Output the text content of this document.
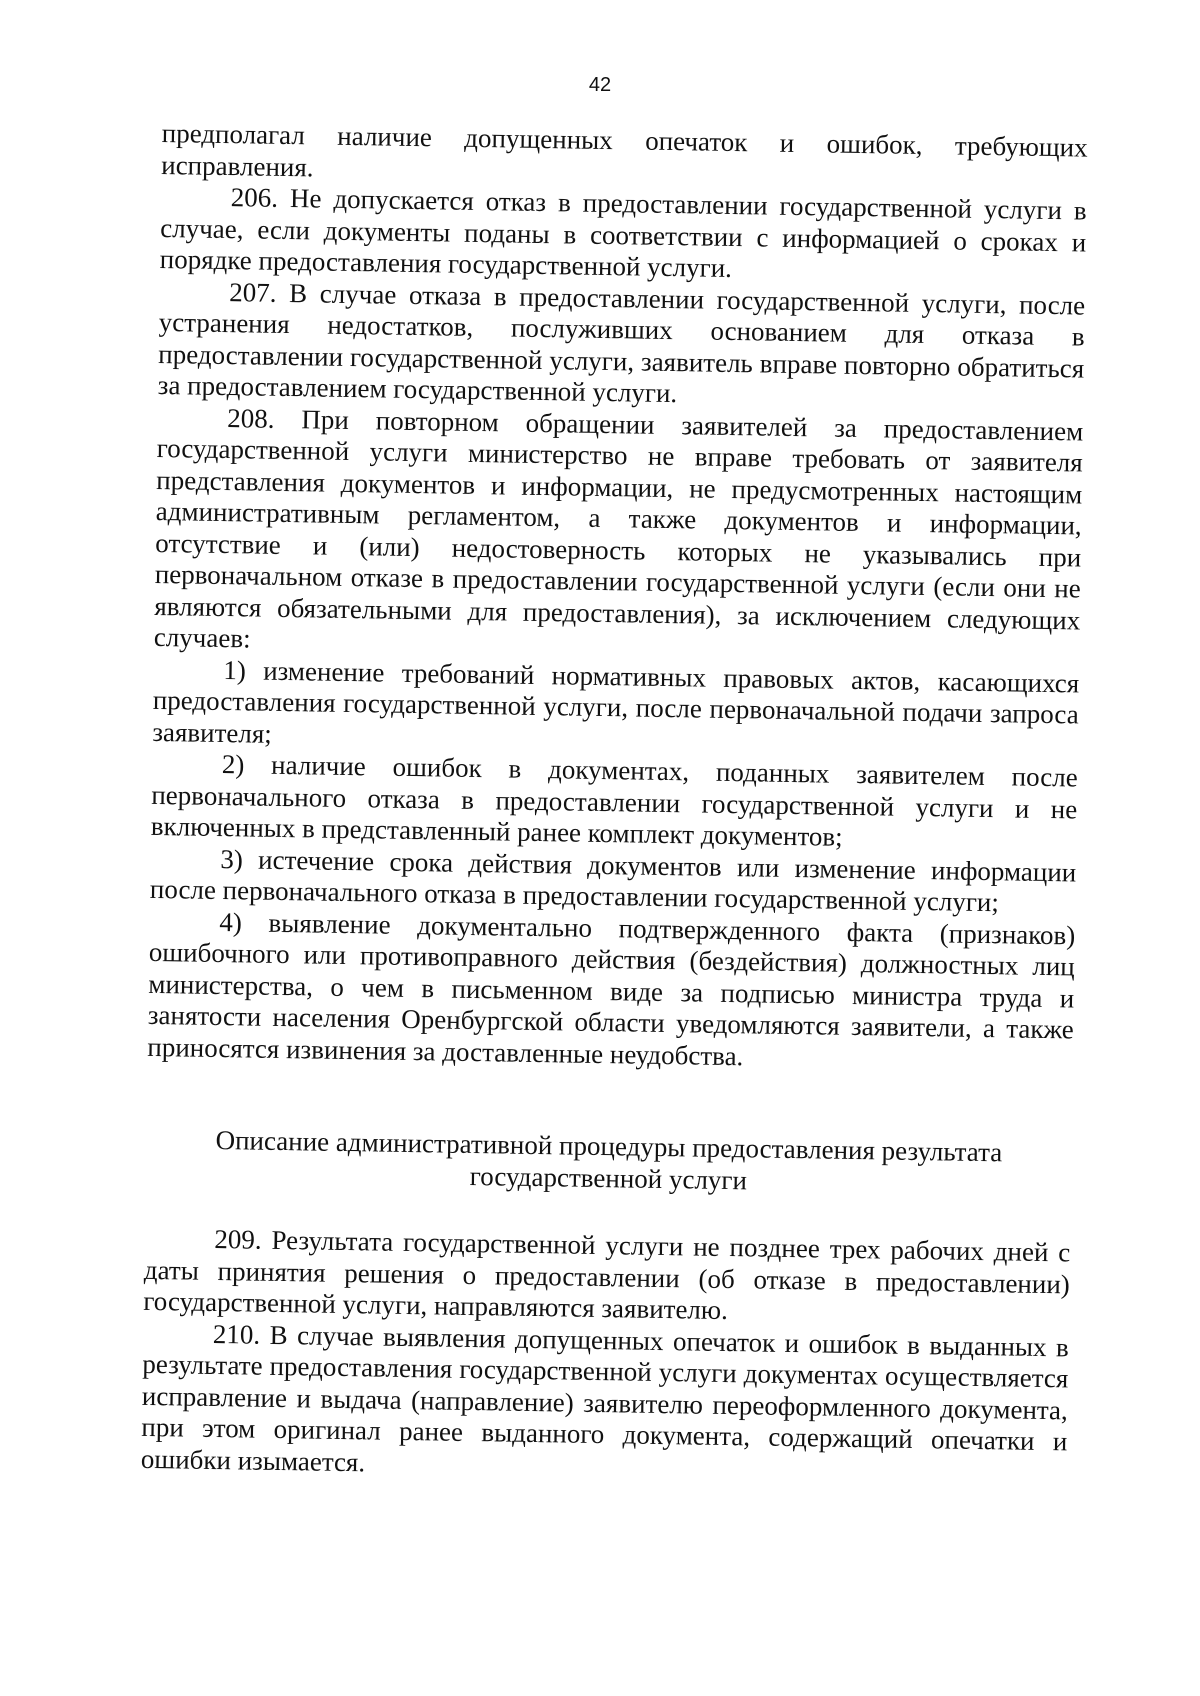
42

предполагал наличие допущенных опечаток и ошибок, требующих исправления.

206. Не допускается отказ в предоставлении государственной услуги в случае, если документы поданы в соответствии с информацией о сроках и порядке предоставления государственной услуги.

207. В случае отказа в предоставлении государственной услуги, после устранения недостатков, послуживших основанием для отказа в предоставлении государственной услуги, заявитель вправе повторно обратиться за предоставлением государственной услуги.

208. При повторном обращении заявителей за предоставлением государственной услуги министерство не вправе требовать от заявителя представления документов и информации, не предусмотренных настоящим административным регламентом, а также документов и информации, отсутствие и (или) недостоверность которых не указывались при первоначальном отказе в предоставлении государственной услуги (если они не являются обязательными для предоставления), за исключением следующих случаев:

1) изменение требований нормативных правовых актов, касающихся предоставления государственной услуги, после первоначальной подачи запроса заявителя;

2) наличие ошибок в документах, поданных заявителем после первоначального отказа в предоставлении государственной услуги и не включенных в представленный ранее комплект документов;

3) истечение срока действия документов или изменение информации после первоначального отказа в предоставлении государственной услуги;

4) выявление документально подтвержденного факта (признаков) ошибочного или противоправного действия (бездействия) должностных лиц министерства, о чем в письменном виде за подписью министра труда и занятости населения Оренбургской области уведомляются заявители, а также приносятся извинения за доставленные неудобства.

Описание административной процедуры предоставления результата
государственной услуги

209. Результата государственной услуги не позднее трех рабочих дней с даты принятия решения о предоставлении (об отказе в предоставлении) государственной услуги, направляются заявителю.

210. В случае выявления допущенных опечаток и ошибок в выданных в результате предоставления государственной услуги документах осуществляется исправление и выдача (направление) заявителю переоформленного документа, при этом оригинал ранее выданного документа, содержащий опечатки и ошибки изымается.
